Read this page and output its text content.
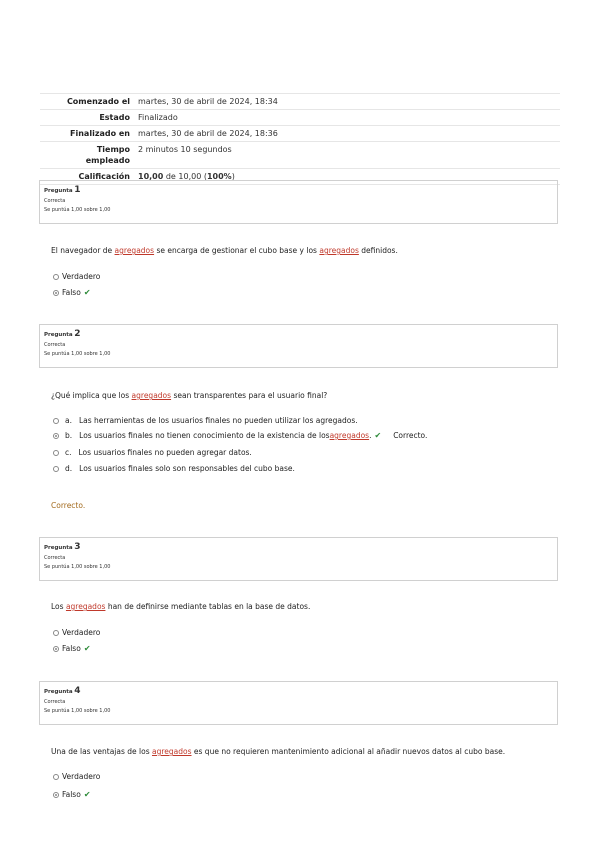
Comenzado el	martes, 30 de abril de 2024, 18:34
Estado	Finalizado
Finalizado en	martes, 30 de abril de 2024, 18:36
Tiempo empleado	2 minutos 10 segundos
Calificación	10,00 de 10,00 (100%)
Pregunta 1
Correcta
Se puntúa 1,00 sobre 1,00
El navegador de agregados se encarga de gestionar el cubo base y los agregados definidos.
Verdadero
Falso ✔
Pregunta 2
Correcta
Se puntúa 1,00 sobre 1,00
¿Qué implica que los agregados sean transparentes para el usuario final?
a. Las herramientas de los usuarios finales no pueden utilizar los agregados.
b. Los usuarios finales no tienen conocimiento de la existencia de los agregados . ✔ Correcto.
c. Los usuarios finales no pueden agregar datos.
d. Los usuarios finales solo son responsables del cubo base.
Correcto.
Pregunta 3
Correcta
Se puntúa 1,00 sobre 1,00
Los agregados han de definirse mediante tablas en la base de datos.
Verdadero
Falso ✔
Pregunta 4
Correcta
Se puntúa 1,00 sobre 1,00
Una de las ventajas de los agregados es que no requieren mantenimiento adicional al añadir nuevos datos al cubo base.
Verdadero
Falso ✔
